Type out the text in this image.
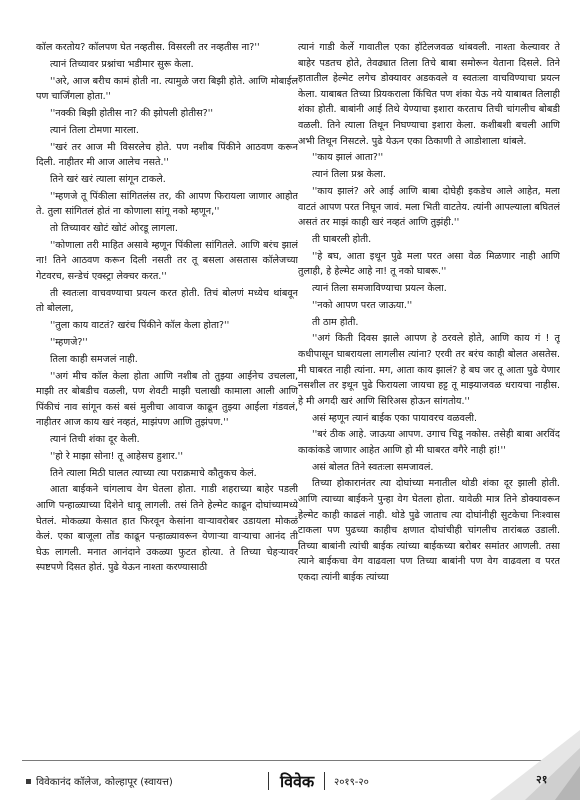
कॉल करतोय? कॉलपण घेत नव्हतीस. विसरली तर नव्हतीस ना?''

त्यानं तिच्यावर प्रश्नांचा भडीमार सुरू केला.

''अरे, आज बरीच कामं होती ना. त्यामुळे जरा बिझी होते. आणि मोबाईल पण चार्जिंगला होता.''

''नक्की बिझी होतीस ना? की झोपली होतीस?''

त्यानं तिला टोमणा मारला.

''खरं तर आज मी विसरलेच होते. पण नशीब पिंकीने आठवण करून दिली. नाहीतर मी आज आलेच नसते.''

तिने खरं खरं त्याला सांगून टाकले.

''म्हणजे तू पिंकीला सांगितलंस तर, की आपण फिरायला जाणार आहोत ते. तुला सांगितलं होतं ना कोणाला सांगू नको म्हणून,''

तो तिच्यावर खोटं खोटं ओरडू लागला.

''कोणाला तरी माहित असावे म्हणून पिंकीला सांगितले. आणि बरंच झालं ना! तिने आठवण करून दिली नसती तर तू बसला असतास कॉलेजच्या गेटवरच, सन्डेचं एक्स्ट्रा लेक्चर करत.''

ती स्वतःला वाचवण्याचा प्रयत्न करत होती. तिचं बोलणं मध्येच थांबवून तो बोलला,

''तुला काय वाटतं? खरंच पिंकीने कॉल केला होता?''

''म्हणजे?''

तिला काही समजलं नाही.

''अगं मीच कॉल केला होता आणि नशीब तो तुझ्या आईनेच उचलला, माझी तर बोबडीच वळली, पण शेवटी माझी चलाखी कामाला आली आणि पिंकीचं नाव सांगून कसं बसं मुलीचा आवाज काढून तुझ्या आईला गंडवलं, नाहीतर आज काय खरं नव्हतं, माझंपण आणि तुझंपण.''

त्यानं तिची शंका दूर केली.

''हो रे माझा सोना! तू आहेसच हुशार.''

तिने त्याला मिठी घालत त्याच्या त्या पराक्रमाचे कौतुकच केलं.

आता बाईकने चांगलाच वेग घेतला होता. गाडी शहराच्या बाहेर पडली आणि पन्हाळ्याच्या दिशेने धावू लागली. तसं तिने हेल्मेट काढून दोघांच्यामध्ये घेतलं. मोकळ्या केसात हात फिरवून केसांना वाऱ्यावरोबर उडायला मोकळं केलं. एका बाजूला तोंड काढून पन्हाळ्यावरून येणाऱ्या वाऱ्याचा आनंद ती घेऊ लागली. मनात आनंदाने उकळ्या फुटत होत्या. ते तिच्या चेहऱ्यावर स्पष्टपणे दिसत होतं. पुढे येऊन नाश्ता करण्यासाठी

त्यानं गाडी केर्ले गावातील एका हॉटेलजवळ थांबवली. नाश्ता केल्यावर ते बाहेर पडतच होते, तेवढ्यात तिला तिचे बाबा समोरून येताना दिसले. तिने हातातील हेल्मेट लगेच डोक्यावर अडकवले व स्वतःला वाचविण्याचा प्रयत्न केला. याबाबत तिच्या प्रियकराला किंचित पण शंका येऊ नये याबाबत तिलाही शंका होती. बाबांनी आई तिथे येण्याचा इशारा करताच तिची चांगलीच बोबडी वळली. तिने त्याला तिथून निघण्याचा इशारा केला. कशीबशी बचली आणि अभी तिथून निसटले. पुढे येऊन एका ठिकाणी ते आडोशाला थांबले.

''काय झालं आता?''

त्यानं तिला प्रश्न केला.

''काय झालं? अरे आई आणि बाबा दोघेही इकडेच आले आहेत, मला वाटतं आपण परत निघून जावं. मला भिती वाटतेय. त्यांनी आपल्याला बघितलं असतं तर माझं काही खरं नव्हतं आणि तुझंही.''

ती घाबरली होती.

''हे बघ, आता इथून पुढे मला परत असा वेळ मिळणार नाही आणि तुलाही, हे हेल्मेट आहे ना! तू नको घाबरू.''

त्यानं तिला समजाविण्याचा प्रयत्न केला.

''नको आपण परत जाऊया.''

ती ठाम होती.

''अगं किती दिवस झाले आपण हे ठरवले होते, आणि काय गं ! तू कधीपासून घाबरायला लागलीस त्यांना? एरवी तर बरंच काही बोलत असतेस. मी घाबरत नाही त्यांना. मग, आता काय झालं? हे बघ जर तू आता पुढे येणार नसशील तर इथून पुढे फिरायला जायचा हट्ट तू माझ्याजवळ धरायचा नाहीस. हे मी अगदी खरं आणि सिरिअस होऊन सांगतोय.''

असं म्हणून त्यानं बाईक एका पायावरच वळवली.

''बरं ठीक आहे. जाऊया आपण. उगाच चिडू नकोस. तसेही बाबा अरविंद काकांकडे जाणार आहेत आणि हो मी घाबरत वगैरे नाही हां!''

असं बोलत तिने स्वतःला समजावलं.

तिच्या होकारानंतर त्या दोघांच्या मनातील थोडी शंका दूर झाली होती. आणि त्याच्या बाईकने पुन्हा वेग घेतला होता. यावेळी मात्र तिने डोक्यावरून हेल्मेट काही काढलं नाही. थोडे पुढे जाताच त्या दोघांनीही सुटकेचा निःश्वास टाकला पण पुढच्या काहीच क्षणात दोघांचीही चांगलीच तारांबळ उडाली. तिच्या बाबांनी त्यांची बाईक त्यांच्या बाईकच्या बरोबर समांतर आणली. तसा त्याने बाईकचा वेग वाढवला पण तिच्या बाबांनी पण वेग वाढवला व परत एकदा त्यांनी बाईक त्यांच्या

विवेकानंद कॉलेज, कोल्हापूर (स्वायत्त)	विवेक २०१९-२०	२१
